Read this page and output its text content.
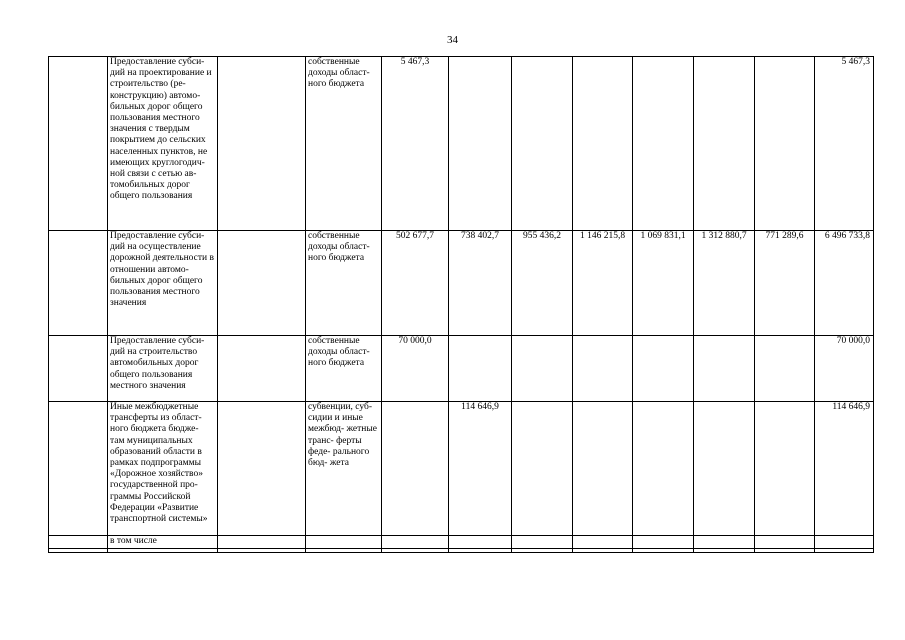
34
	Предоставление субси- дий на проектирование и строительство (ре- конструкцию) автомо- бильных дорог общего пользования местного значения с твердым покрытием до сельских населенных пунктов, не имеющих круглогодич- ной связи с сетью ав- томобильных дорог общего пользования		собственные доходы област- ного бюджета	5 467,3							5 467,3
	Предоставление субси- дий на осуществление дорожной деятельности в отношении автомо- бильных дорог общего пользования местного значения		собственные доходы област- ного бюджета	502 677,7	738 402,7	955 436,2	1 146 215,8	1 069 831,1	1 312 880,7	771 289,6	6 496 733,8
	Предоставление субси- дий на строительство автомобильных дорог общего пользования местного значения		собственные доходы област- ного бюджета	70 000,0							70 000,0
	Иные межбюджетные трансферты из област- ного бюджета бюдже- там муниципальных образований области в рамках подпрограммы «Дорожное хозяйство» государственной про- граммы Российской Федерации «Развитие транспортной системы»		субвенции, суб- сидии и иные межбюд- жетные транс- ферты феде- рального бюд- жета		114 646,9						114 646,9
	в том числе										
